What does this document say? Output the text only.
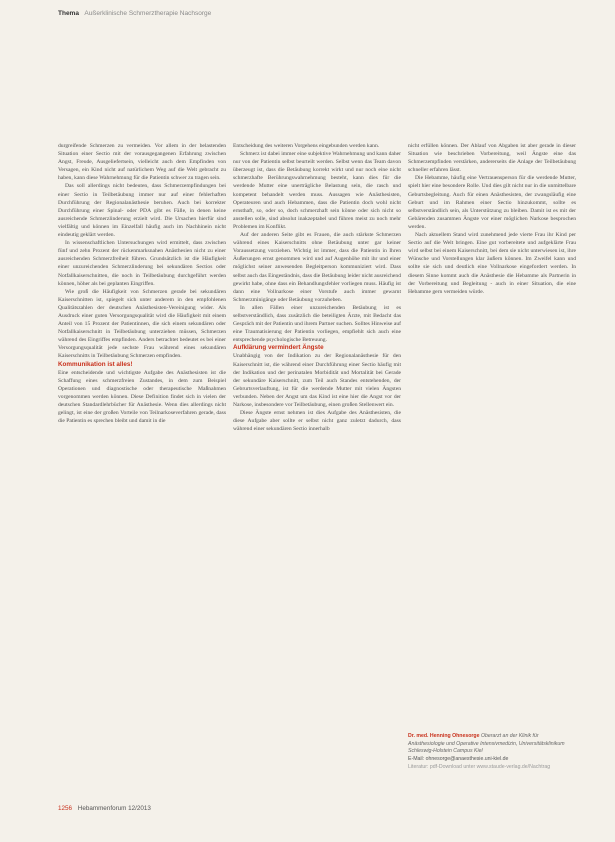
Thema Außerklinische Schmerztherapie Nachsorge

durgreifende Schmerzen zu vermeiden. Vor allem in der belastenden Situation einer Sectio mit der vorausgegangenen Erfahrung zwischen Angst, Freude, Ausgeliefertsein, vielleicht auch dem Empfinden von Versagen, ein Kind nicht auf natürlichem Weg auf die Welt gebracht zu haben, kann diese Wahrnehmung für die Patientin schwer zu tragen sein.

Das soll allerdings nicht bedeuten, dass Schmerzempfindungen bei einer Sectio in Teilbetäubung immer nur auf einer fehlerhaften Durchführung der Regionalanästhesie beruhen. Auch bei korrekter Durchführung einer Spinal- oder PDA gibt es Fälle, in denen keine ausreichende Schmerzlinderung erzielt wird. Die Ursachen hierfür sind vielfältig und können im Einzelfall häufig auch im Nachhinein nicht eindeutig geklärt werden.

In wissenschaftlichen Untersuchungen wird ermittelt, dass zwischen fünf und zehn Prozent der rückenmarksnahen Anästhesien nicht zu einer ausreichenden Schmerzfreiheit führen. Grundsätzlich ist die Häufigkeit einer unzureichenden Schmerzlinderung bei sekundären Sectios oder Notfallkaiserschnitten, die noch in Teilbetäubung durchgeführt werden können, höher als bei geplanten Eingriffen.

Wie groß die Häufigkeit von Schmerzen gerade bei sekundären Kaiserschnitten ist, spiegelt sich unter anderem in den empfohlenen Qualitätszahlen der deutschen Anästhesisten-Vereinigung wider. Als Ausdruck einer guten Versorgungsqualität wird die Häufigkeit mit einem Anteil von 15 Prozent der Patientinnen, die sich einem sekundären oder Notfallkaiserschnitt in Teilbetäubung unterziehen müssen, Schmerzen während des Eingriffes empfinden. Anders betrachtet bedeutet es bei einer Versorgungsqualität jede sechste Frau während eines sekundären Kaiserschnitts in Teilbetäubung Schmerzen empfinden.

Kommunikation ist alles!

Eine entscheidende und wichtigste Aufgabe des Anästhesisten ist die Schaffung eines schmerzfreien Zustandes, in dem zum Beispiel Operationen und diagnostische oder therapeutische Maßnahmen vorgenommen werden können. Diese Definition findet sich in vielen der deutschen Standardlehrbücher für Anästhesie. Wenn dies allerdings nicht gelingt, ist eine der großen Vorteile von Teilnarkoseverfahren gerade, dass die Patientin es sprechen bleibt und damit in die

Entscheidung des weiteren Vorgehens eingebunden werden kann.

Schmerz ist dabei immer eine subjektive Wahrnehmung und kann daher nur von der Patientin selbst beurteilt werden. Selbst wenn das Team davon überzeugt ist, dass die Betäubung korrekt wirkt und nur noch eine nicht schmerzhafte Berührungswahrnehmung besteht, kann dies für die werdende Mutter eine unerträgliche Belastung sein, die rasch und kompetent behandelt werden muss. Aussagen wie Anästhesisten, Operateuren und auch Hebammen, dass die Patientin doch wohl nicht ernsthaft, so, oder so, doch schmerzhaft sein könne oder sich nicht so anstellen solle, sind absolut inakzeptabel und führen meist zu noch mehr Problemen im Konflikt.

Auf der anderen Seite gibt es Frauen, die auch stärkste Schmerzen während eines Kaiserschnitts ohne Betäubung unter gar keiner Voraussetzung vorziehen. Wichtig ist immer, dass die Patientin in Ihren Äußerungen ernst genommen wird und auf Augenhöhe mit ihr und einer möglichst seiner anwesenden Begleitperson kommuniziert wird. Dass selbst auch das Eingeständnis, dass die Betäubung leider nicht ausreichend gewirkt habe, ohne dass ein Behandlungsfehler vorliegen muss. Häufig ist dann eine Vollnarkose einer Vorstufe auch immer gewarnt Schmerzminigänge oder Betäubung vorzuheben.

In allen Fällen einer unzureichenden Betäubung ist es selbstverständlich, dass zusätzlich die beteiligten Ärzte, mit Bedacht das Gespräch mit der Patientin und ihrem Partner suchen. Solltes Hinweise auf eine Traumatisierung der Patientin vorliegen, empfiehlt sich auch eine entsprechende psychologische Betreuung.

Aufklärung vermindert Ängste

Unabhängig von der Indikation zu der Regionalanästhesie für den Kaiserschnitt ist, die während einer Durchführung einer Sectio häufig mit der Indikation und der perinatalen Morbidität und Mortalität bei Gerade der sekundäre Kaiserschnitt, zum Teil auch Standes entstehenden, der Gebrurtsverlauftung, ist für die werdende Mutter mit vielen Ängsten verbunden. Neben der Angst um das Kind ist eine hier die Angst vor der Narkose, insbesondere vor Teilbetäubung, einen großen Stellenwert ein.

Diese Ängste ernst nehmen ist dies Aufgabe des Anästhesisten, die diese Aufgabe aber sollte er selbst nicht ganz zuletzt dadurch, dass während einer sekundären Sectio innerhalb

nicht erfüllen können. Der Ablauf von Abgaben ist aber gerade in dieser Situation wie beschrieben Vorbereitung, weil Ängste eine das Schmerzempfinden verstärken, andererseits die Anlage der Teilbetäubung schneller erfahren lässt.

Die Hebamme, häufig eine Vertrauensperson für die werdende Mutter, spielt hier eine besondere Rolle. Und dies gilt nicht nur in die unmittelbare Geburtsbegleitung. Auch für einen Anästhesisten, der zwangsläufig eine Geburt und im Rahmen einer Sectio hinzukommt, sollte es selbstverständlich sein, als Unterstützung zu bleiben. Damit ist es mit der Gebärenden zusammen Ängste vor einer möglichen Narkose besprochen werden.

Nach aktuellem Stand wird zunehmend jede vierte Frau ihr Kind per Sectio auf die Welt bringen. Eine gut vorbereitete und aufgeklärte Frau wird selbst bei einem Kaiserschnitt, bei dem sie nicht unterwiesen ist, ihre Wünsche und Vorstellungen klar äußern können. Im Zweifel kann und sollte sie sich und deutlich eine Vollnarkose eingefordert werden. In diesem Sinne kommt auch die Anästhesie die Hebamme als Partnerin in der Vorbereitung und Begleitung - auch in einer Situation, die eine Hebamme gern vermeiden würde.

Dr. med. Henning Ohnesorge Oberarzt an der Klinik für Anästhesiologie und Operative Intensivmedizin, Universitätsklinikum Schleswig-Holstein Campus Kiel
E-Mail: ohnesorge@anaesthesie.uni-kiel.de
Literatur: pdf-Download unter www.staude-verlag.de/Nachtrag
1256 Hebammenforum 12/2013
